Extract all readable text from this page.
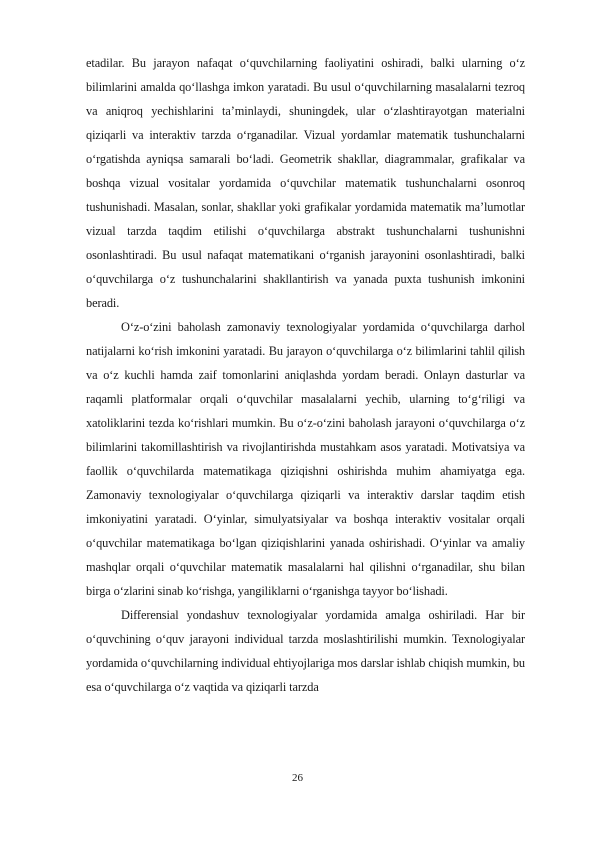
etadilar. Bu jarayon nafaqat o‘quvchilarning faoliyatini oshiradi, balki ularning o‘z bilimlarini amalda qo‘llashga imkon yaratadi. Bu usul o‘quvchilarning masalalarni tezroq va aniqroq yechishlarini ta’minlaydi, shuningdek, ular o‘zlashtirayotgan materialni qiziqarli va interaktiv tarzda o‘rganadilar. Vizual yordamlar matematik tushunchalarni o‘rgatishda ayniqsa samarali bo‘ladi. Geometrik shakllar, diagrammalar, grafikalar va boshqa vizual vositalar yordamida o‘quvchilar matematik tushunchalarni osonroq tushunishadi. Masalan, sonlar, shakllar yoki grafikalar yordamida matematik ma’lumotlar vizual tarzda taqdim etilishi o‘quvchilarga abstrakt tushunchalarni tushunishni osonlashtiradi. Bu usul nafaqat matematikani o‘rganish jarayonini osonlashtiradi, balki o‘quvchilarga o‘z tushunchalarini shakllantirish va yanada puxta tushunish imkonini beradi.

O‘z-o‘zini baholash zamonaviy texnologiyalar yordamida o‘quvchilarga darhol natijalarni ko‘rish imkonini yaratadi. Bu jarayon o‘quvchilarga o‘z bilimlarini tahlil qilish va o‘z kuchli hamda zaif tomonlarini aniqlashda yordam beradi. Onlayn dasturlar va raqamli platformalar orqali o‘quvchilar masalalarni yechib, ularning to‘g‘riligi va xatoliklarini tezda ko‘rishlari mumkin. Bu o‘z-o‘zini baholash jarayoni o‘quvchilarga o‘z bilimlarini takomillashtirish va rivojlantirishda mustahkam asos yaratadi. Motivatsiya va faollik o‘quvchilarda matematikaga qiziqishni oshirishda muhim ahamiyatga ega. Zamonaviy texnologiyalar o‘quvchilarga qiziqarli va interaktiv darslar taqdim etish imkoniyatini yaratadi. O‘yinlar, simulyatsiyalar va boshqa interaktiv vositalar orqali o‘quvchilar matematikaga bo‘lgan qiziqishlarini yanada oshirishadi. O‘yinlar va amaliy mashqlar orqali o‘quvchilar matematik masalalarni hal qilishni o‘rganadilar, shu bilan birga o‘zlarini sinab ko‘rishga, yangiliklarni o‘rganishga tayyor bo‘lishadi.

Differensial yondashuv texnologiyalar yordamida amalga oshiriladi. Har bir o‘quvchining o‘quv jarayoni individual tarzda moslashtirilishi mumkin. Texnologiyalar yordamida o‘quvchilarning individual ehtiyojlariga mos darslar ishlab chiqish mumkin, bu esa o‘quvchilarga o‘z vaqtida va qiziqarli tarzda

26
